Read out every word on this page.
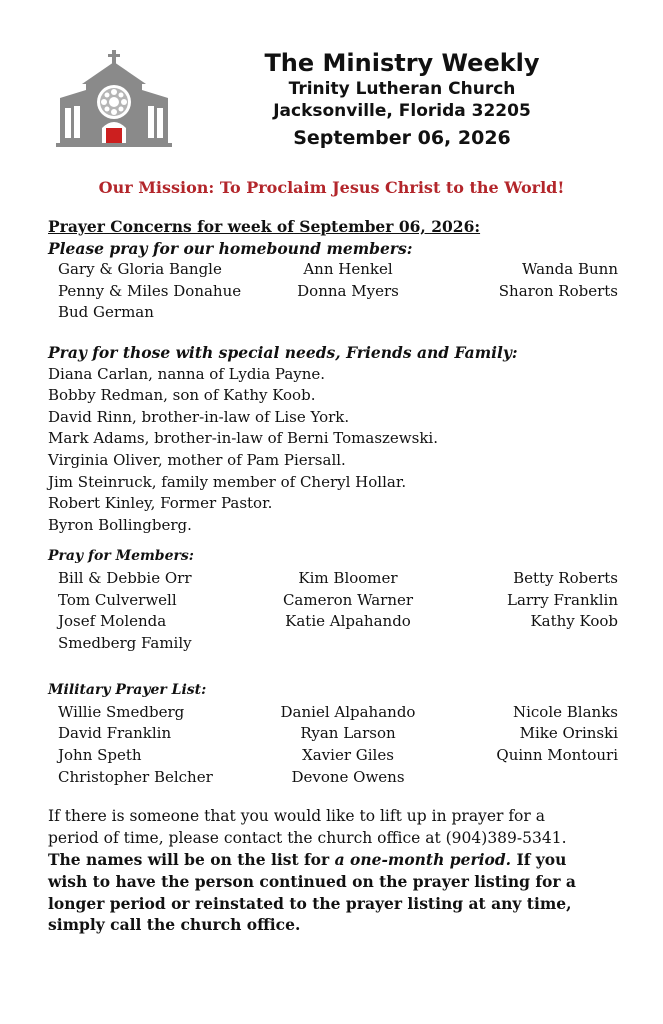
The Ministry Weekly
Trinity Lutheran Church
Jacksonville, Florida 32205
September 06, 2026
Our Mission: To Proclaim Jesus Christ to the World!
Prayer Concerns for week of September 06, 2026:
Please pray for our homebound members:
Gary & Gloria Bangle	Ann Henkel	Wanda Bunn
Penny & Miles Donahue	Donna Myers	Sharon Roberts
Bud German
Pray for those with special needs, Friends and Family:
Diana Carlan, nanna of Lydia Payne.
Bobby Redman, son of Kathy Koob.
David Rinn, brother-in-law of Lise York.
Mark Adams, brother-in-law of Berni Tomaszewski.
Virginia Oliver, mother of Pam Piersall.
Jim Steinruck, family member of Cheryl Hollar.
Robert Kinley, Former Pastor.
Byron Bollingberg.
Pray for Members:
Bill & Debbie Orr	Kim Bloomer	Betty Roberts
Tom Culverwell	Cameron Warner	Larry Franklin
Josef Molenda	Katie Alpahando	Kathy Koob
Smedberg Family
Military Prayer List:
Willie Smedberg	Daniel Alpahando	Nicole Blanks
David Franklin	Ryan Larson	Mike Orinski
John Speth	Xavier Giles	Quinn Montouri
Christopher Belcher	Devone Owens
If there is someone that you would like to lift up in prayer for a
period of time, please contact the church office at (904)389-5341.
The names will be on the list for a one-month period. If you wish to have the person continued on the prayer listing for a longer period or reinstated to the prayer listing at any time, simply call the church office.
